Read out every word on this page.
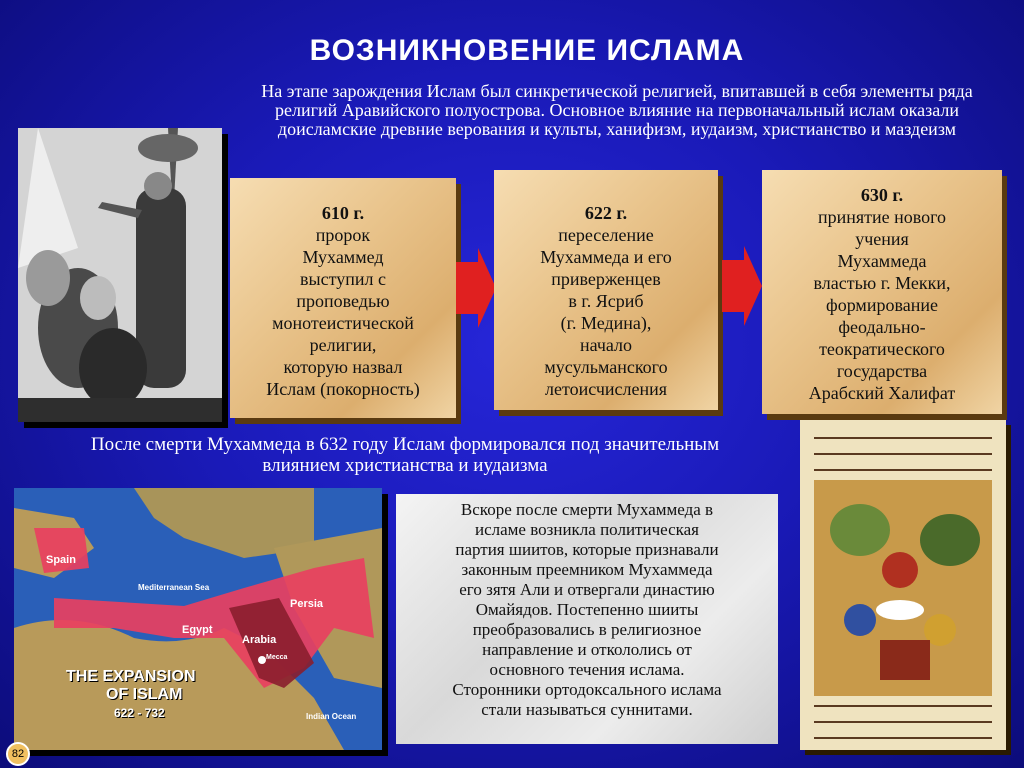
ВОЗНИКНОВЕНИЕ ИСЛАМА
На этапе зарождения Ислам был синкретической религией, впитавшей в себя элементы ряда религий Аравийского полуострова. Основное влияние на первоначальный ислам оказали доисламские древние верования и культы, ханифизм, иудаизм, христианство и маздеизм
610 г.
пророк
Мухаммед
выступил с
проповедью
монотеистической
религии,
которую назвал
Ислам (покорность)
622 г.
переселение
Мухаммеда и его
приверженцев
в г. Ясриб
(г. Медина),
начало
мусульманского
летоисчисления
630 г.
принятие нового
учения
Мухаммеда
властью г. Мекки,
формирование
феодально-
теократического
государства
Арабский Халифат
После смерти Мухаммеда в 632 году Ислам формировался под значительным влиянием христианства и иудаизма
Spain
Mediterranean Sea
Persia
Egypt
Arabia
Mecca
Indian Ocean
THE EXPANSION
OF ISLAM
622 - 732
Вскоре после смерти Мухаммеда в
исламе возникла политическая
партия шиитов, которые признавали
законным преемником Мухаммеда
его зятя Али и отвергали династию
Омайядов. Постепенно шииты
преобразовались в религиозное
направление и откололись от
основного течения ислама.
Сторонники ортодоксального ислама
стали называться суннитами.
82
